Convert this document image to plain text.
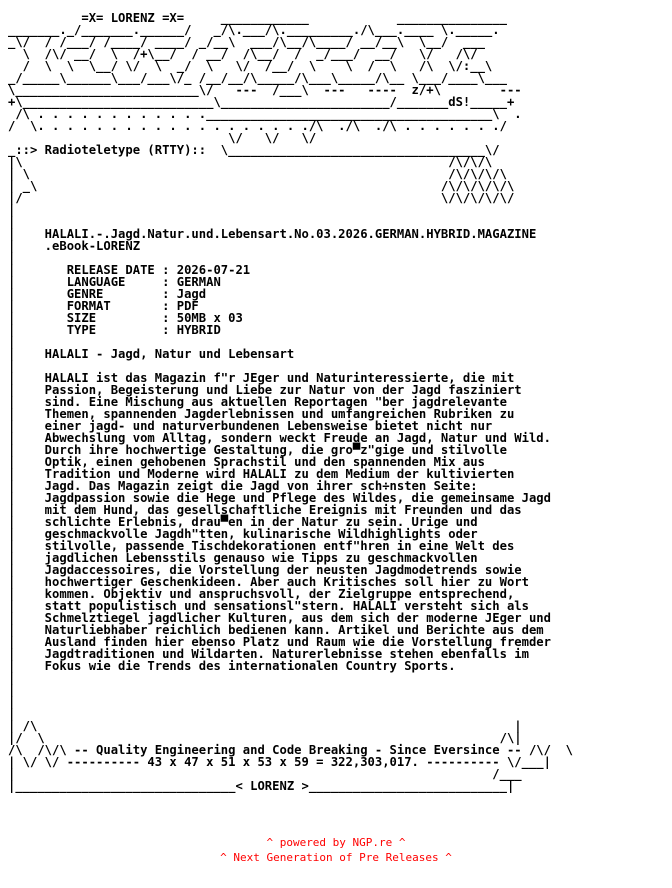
=X= LORENZ =X=     ____________            _______________
_______._/_______.______/   _/\.___/\._________./\___.____ \._____.
_\/  / /___/ /____/ ____/ _/__\  ___/\__/\____/ __/__\  \__/  ___
\  /\/ __/  \  /+\__/  / __/  /\__/  /  _/___/  __/   \/   /\/
/  \  \  \__/ \/  \  _/  \   \/  /__/  \    \  /  \   /\  \/:__\
_/_____\______\___/___\/_ /__/__/\_____/\___\_____/\__ \___/____\___
\_________________________\/   ---  /___\  ---   ----  z/+\        ---
+\__________________________\_______________________/_______dS!_____+
/\ . . . . . . . . . . . ._______________________________________\  .
/  \. . . . . . . . . . . . . . . . . . ./\  ./\  ./\ . . . . . . ./
\/   \/   \/
_::> Radioteletype (RTTY)::  \___________________________________\/
|\                                                          /\/\/\
| \                                                         /\/\/\/\
| _\                                                       /\/\/\/\/\
|/                                                         \/\/\/\/\/
|
|
|    HALALI.-.Jagd.Natur.und.Lebensart.No.03.2026.GERMAN.HYBRID.MAGAZINE
|    .eBook-LORENZ
|
|       RELEASE DATE : 2026-07-21
|       LANGUAGE     : GERMAN
|       GENRE        : Jagd
|       FORMAT       : PDF
|       SIZE         : 50MB x 03
|       TYPE         : HYBRID
|
|    HALALI - Jagd, Natur und Lebensart
|
|    HALALI ist das Magazin f"r JEger und Naturinteressierte, die mit
|    Passion, Begeisterung und Liebe zur Natur von der Jagd fasziniert
|    sind. Eine Mischung aus aktuellen Reportagen "ber jagdrelevante
|    Themen, spannenden Jagderlebnissen und umfangreichen Rubriken zu
|    einer jagd- und naturverbundenen Lebensweise bietet nicht nur
|    Abwechslung vom Alltag, sondern weckt Freude an Jagd, Natur und Wild.
|    Durch ihre hochwertige Gestaltung, die gro▀z"gige und stilvolle
|    Optik, einen gehobenen Sprachstil und den spannenden Mix aus
|    Tradition und Moderne wird HALALI zu dem Medium der kultivierten
|    Jagd. Das Magazin zeigt die Jagd von ihrer sch÷nsten Seite:
|    Jagdpassion sowie die Hege und Pflege des Wildes, die gemeinsame Jagd
|    mit dem Hund, das gesellschaftliche Ereignis mit Freunden und das
|    schlichte Erlebnis, drau▀en in der Natur zu sein. Urige und
|    geschmackvolle Jagdh"tten, kulinarische Wildhighlights oder
|    stilvolle, passende Tischdekorationen entf"hren in eine Welt des
|    jagdlichen Lebensstils genauso wie Tipps zu geschmackvollen
|    Jagdaccessoires, die Vorstellung der neusten Jagdmodetrends sowie
|    hochwertiger Geschenkideen. Aber auch Kritisches soll hier zu Wort
|    kommen. Objektiv und anspruchsvoll, der Zielgruppe entsprechend,
|    statt populistisch und sensationsl"stern. HALALI versteht sich als
|    Schmelztiegel jagdlicher Kulturen, aus dem sich der moderne JEger und
|    Naturliebhaber reichlich bedienen kann. Artikel und Berichte aus dem
|    Ausland finden hier ebenso Platz und Raum wie die Vorstellung fremder
|    Jagdtraditionen und Wildarten. Naturerlebnisse stehen ebenfalls im
|    Fokus wie die Trends des internationalen Country Sports.
|
|
|
|
| /\                                                                 |
|/  \                                                              /\|
/\  /\/\ -- Quality Engineering and Code Breaking - Since Eversince -- /\/  \
| \/ \/ ---------- 43 x 47 x 51 x 53 x 59 = 322,303,017. ---------- \/___|
|                                                                 /___
|______________________________< LORENZ >___________________________|
^ powered by NGP.re ^
^ Next Generation of Pre Releases ^
